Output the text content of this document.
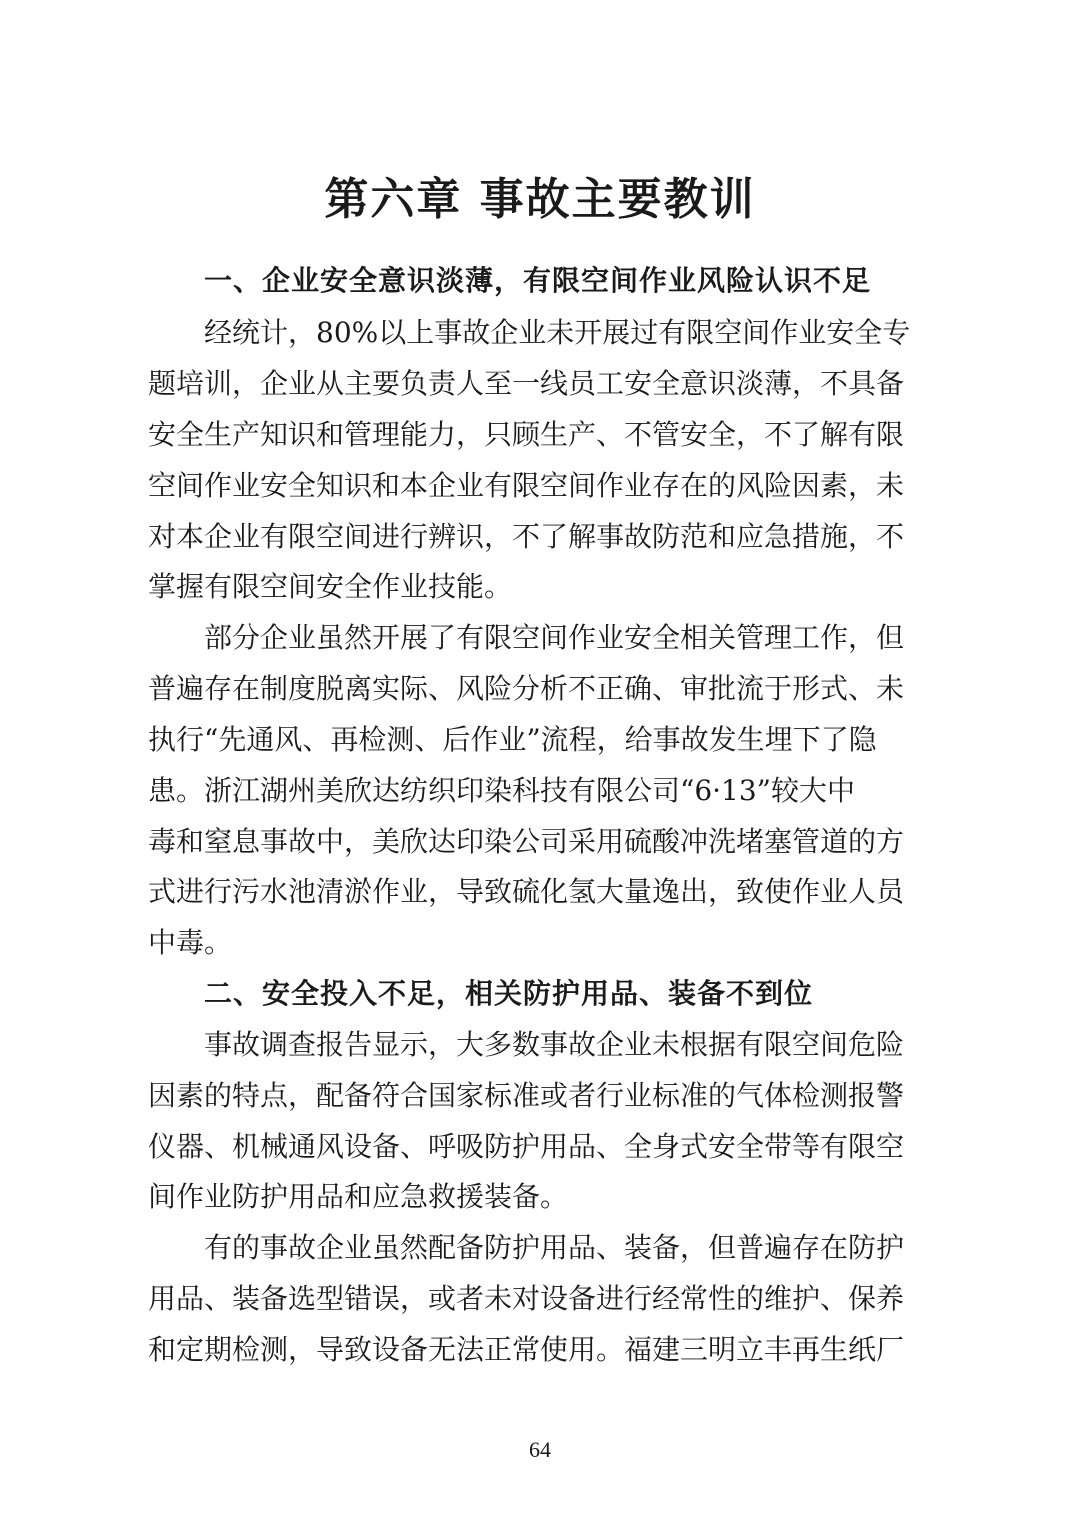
第六章 事故主要教训
一、企业安全意识淡薄，有限空间作业风险认识不足

经统计，80%以上事故企业未开展过有限空间作业安全专

题培训，企业从主要负责人至一线员工安全意识淡薄，不具备

安全生产知识和管理能力，只顾生产、不管安全，不了解有限

空间作业安全知识和本企业有限空间作业存在的风险因素，未

对本企业有限空间进行辨识，不了解事故防范和应急措施，不

掌握有限空间安全作业技能。

部分企业虽然开展了有限空间作业安全相关管理工作，但

普遍存在制度脱离实际、风险分析不正确、审批流于形式、未

执行“先通风、再检测、后作业”流程，给事故发生埋下了隐

患。浙江湖州美欣达纺织印染科技有限公司“6·13”较大中

毒和窒息事故中，美欣达印染公司采用硫酸冲洗堵塞管道的方

式进行污水池清淤作业，导致硫化氢大量逸出，致使作业人员

中毒。

二、安全投入不足，相关防护用品、装备不到位

事故调查报告显示，大多数事故企业未根据有限空间危险

因素的特点，配备符合国家标准或者行业标准的气体检测报警

仪器、机械通风设备、呼吸防护用品、全身式安全带等有限空

间作业防护用品和应急救援装备。

有的事故企业虽然配备防护用品、装备，但普遍存在防护

用品、装备选型错误，或者未对设备进行经常性的维护、保养

和定期检测，导致设备无法正常使用。福建三明立丰再生纸厂

64
